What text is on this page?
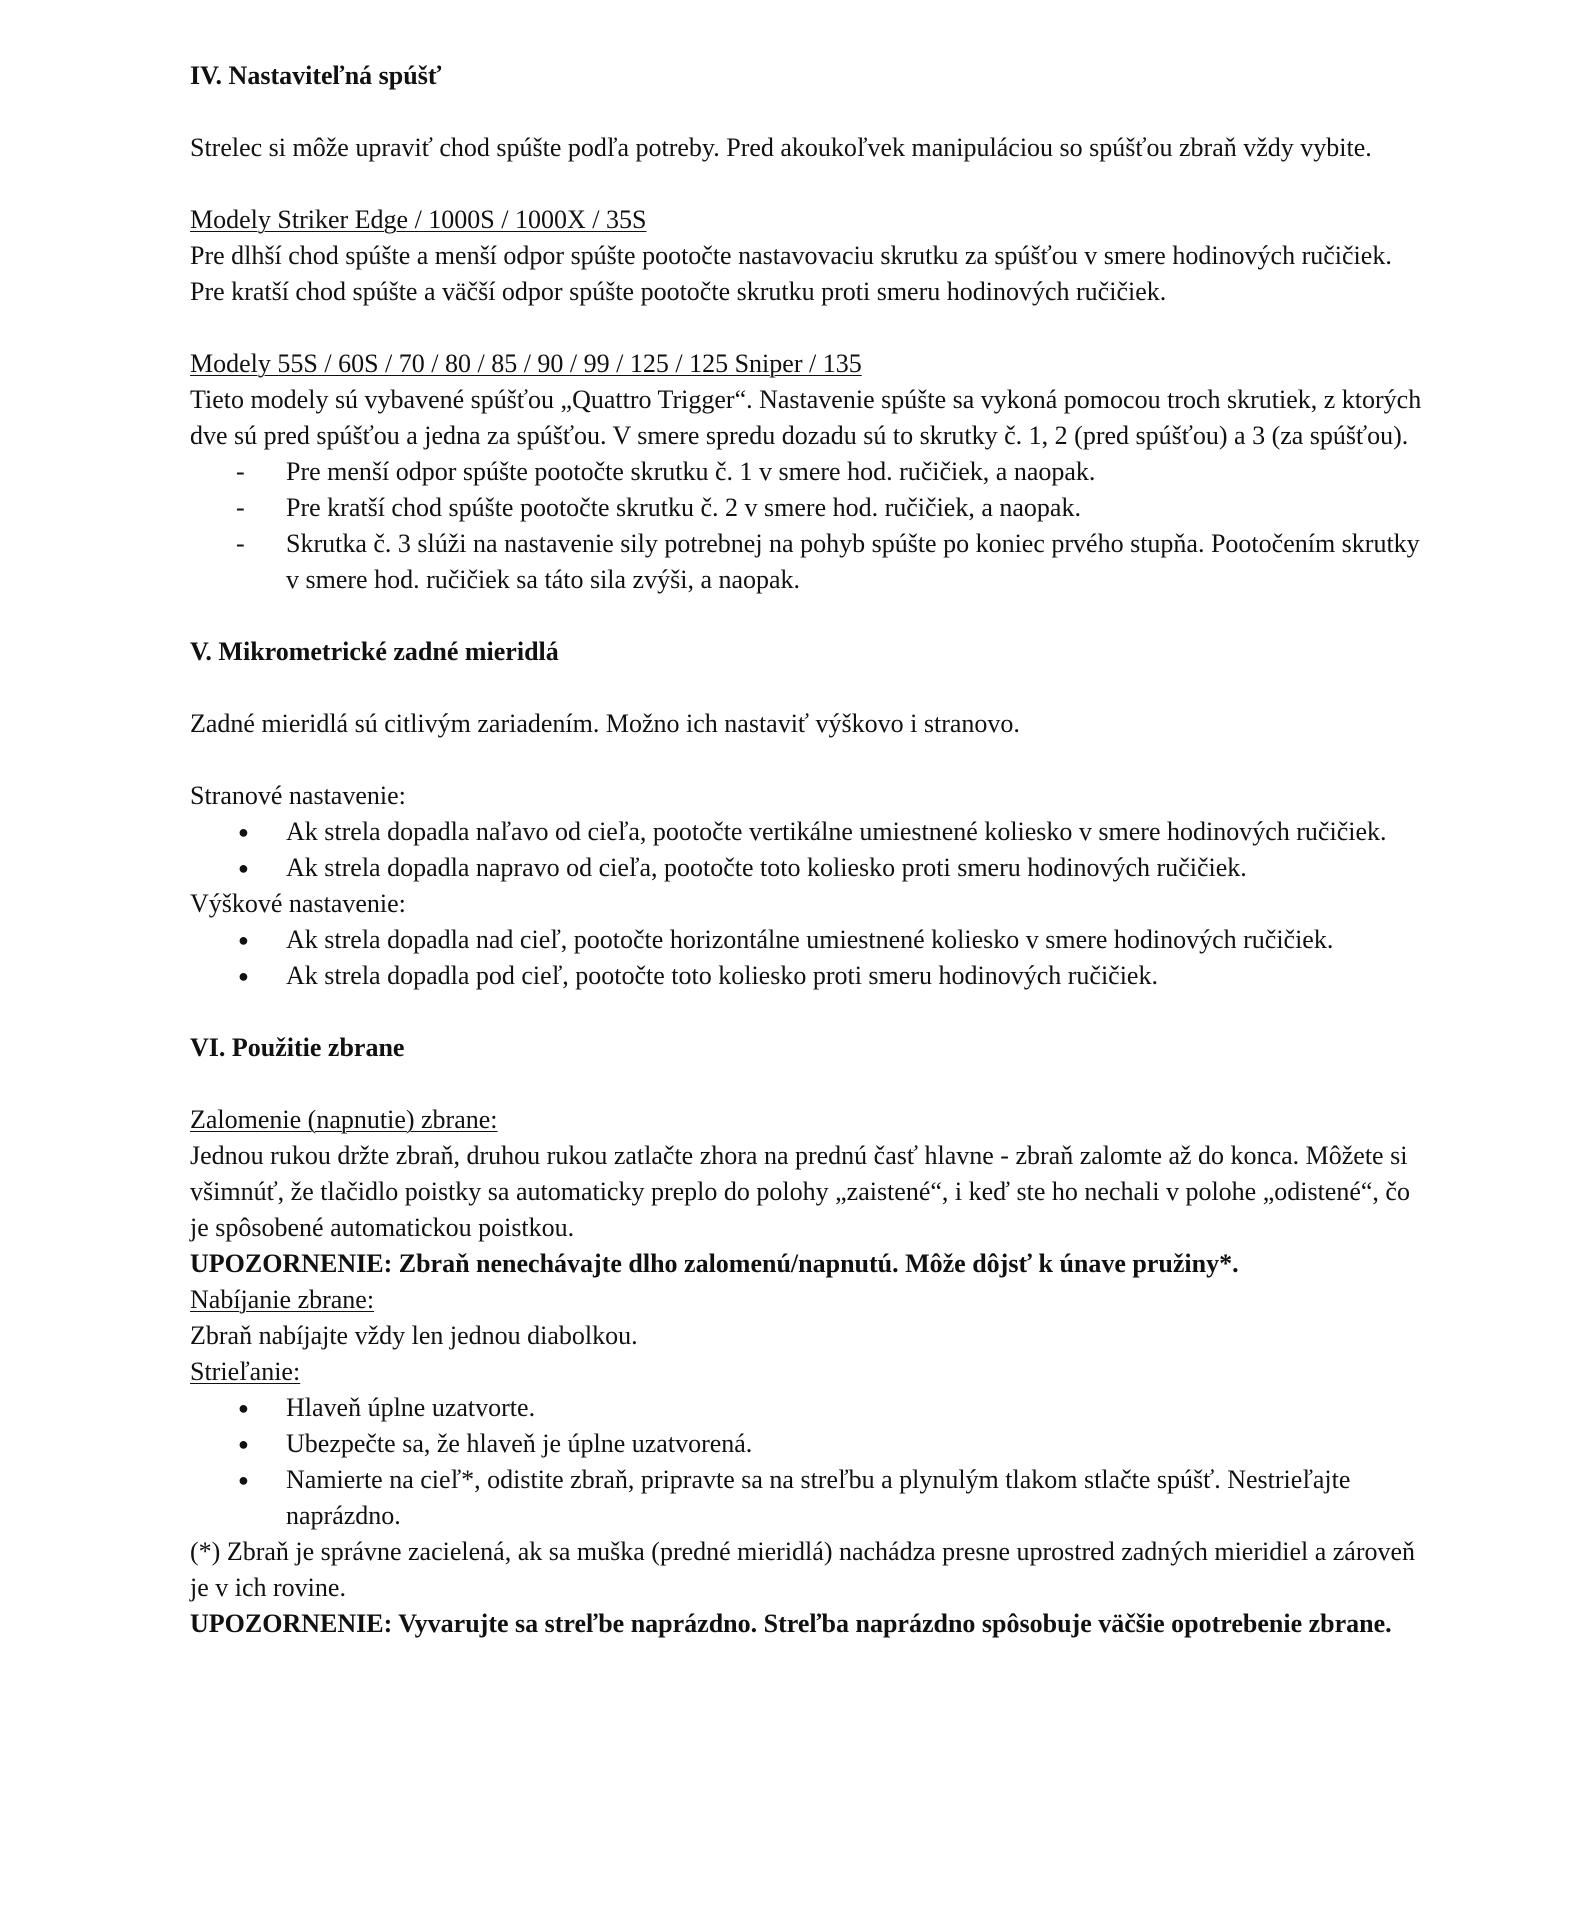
IV. Nastaviteľná spúšť

Strelec si môže upraviť chod spúšte podľa potreby. Pred akoukoľvek manipuláciou so spúšťou zbraň vždy vybite.

Modely Striker Edge / 1000S / 1000X / 35S

Pre dlhší chod spúšte a menší odpor spúšte pootočte nastavovaciu skrutku za spúšťou v smere hodinových ručičiek. Pre kratší chod spúšte a väčší odpor spúšte pootočte skrutku proti smeru hodinových ručičiek.

Modely 55S / 60S / 70 / 80 / 85 / 90 / 99 / 125 / 125 Sniper / 135

Tieto modely sú vybavené spúšťou „Quattro Trigger“. Nastavenie spúšte sa vykoná pomocou troch skrutiek, z ktorých dve sú pred spúšťou a jedna za spúšťou. V smere spredu dozadu sú to skrutky č. 1, 2 (pred spúšťou) a 3 (za spúšťou).

-	Pre menší odpor spúšte pootočte skrutku č. 1 v smere hod. ručičiek, a naopak.
-	Pre kratší chod spúšte pootočte skrutku č. 2 v smere hod. ručičiek, a naopak.
-	Skrutka č. 3 slúži na nastavenie sily potrebnej na pohyb spúšte po koniec prvého stupňa. Pootočením skrutky v smere hod. ručičiek sa táto sila zvýši, a naopak.

V. Mikrometrické zadné mieridlá

Zadné mieridlá sú citlivým zariadením. Možno ich nastaviť výškovo i stranovo.

Stranové nastavenie:

●	Ak strela dopadla naľavo od cieľa, pootočte vertikálne umiestnené koliesko v smere hodinových ručičiek.
●	Ak strela dopadla napravo od cieľa, pootočte toto koliesko proti smeru hodinových ručičiek.

Výškové nastavenie:

●	Ak strela dopadla nad cieľ, pootočte horizontálne umiestnené koliesko v smere hodinových ručičiek.
●	Ak strela dopadla pod cieľ, pootočte toto koliesko proti smeru hodinových ručičiek.

VI. Použitie zbrane

Zalomenie (napnutie) zbrane:

Jednou rukou držte zbraň, druhou rukou zatlačte zhora na prednú časť hlavne - zbraň zalomte až do konca. Môžete si všimnúť, že tlačidlo poistky sa automaticky preplo do polohy „zaistené“, i keď ste ho nechali v polohe „odistené“, čo je spôsobené automatickou poistkou.

UPOZORNENIE: Zbraň nenechávajte dlho zalomenú/napnutú. Môže dôjsť k únave pružiny*.

Nabíjanie zbrane:

Zbraň nabíjajte vždy len jednou diabolkou.

Strieľanie:

●	Hlaveň úplne uzatvorte.
●	Ubezpečte sa, že hlaveň je úplne uzatvorená.
●	Namierte na cieľ*, odistite zbraň, pripravte sa na streľbu a plynulým tlakom stlačte spúšť. Nestrieľajte naprázdno.

(*) Zbraň je správne zacielená, ak sa muška (predné mieridlá) nachádza presne uprostred zadných mieridiel a zároveň je v ich rovine.

UPOZORNENIE: Vyvarujte sa streľbe naprázdno. Streľba naprázdno spôsobuje väčšie opotrebenie zbrane.
